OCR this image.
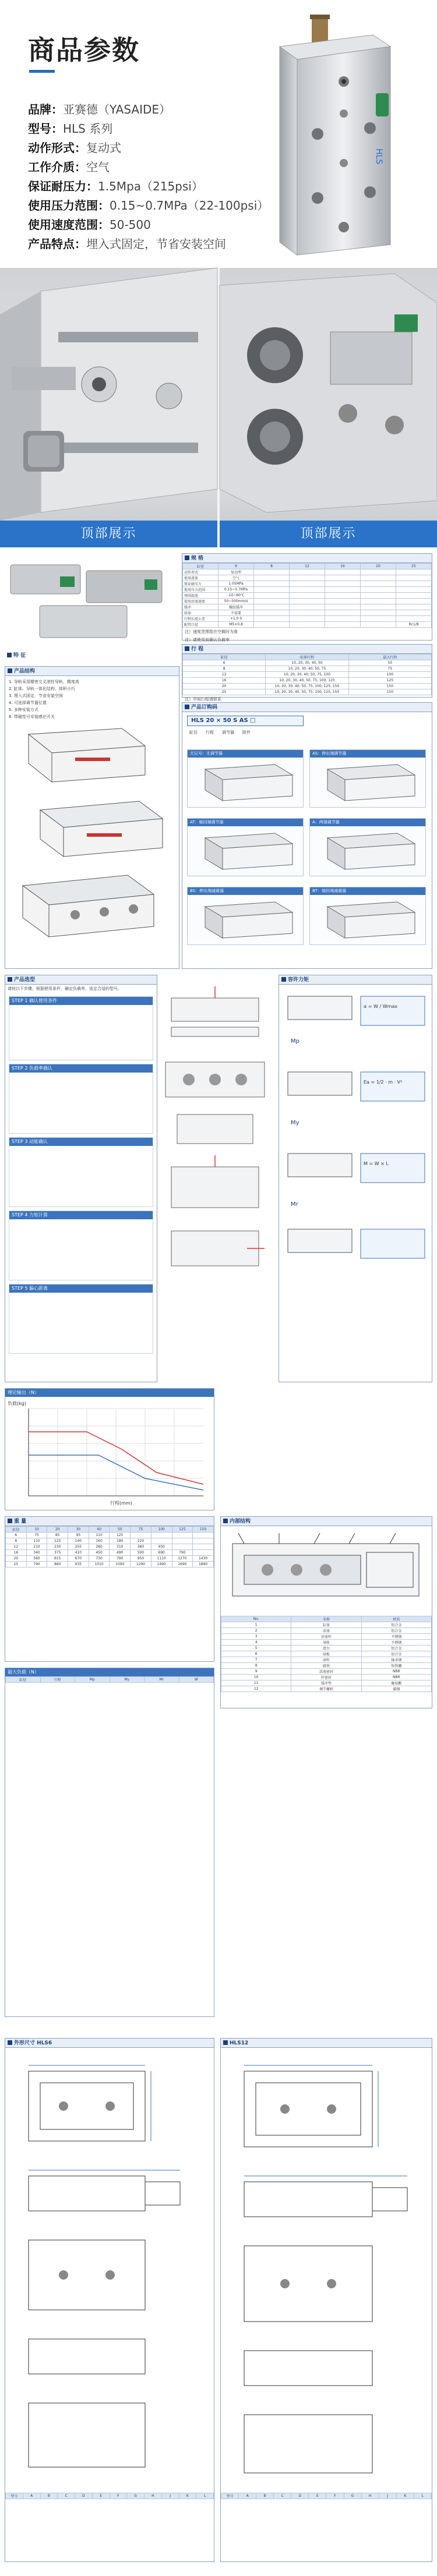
商品参数
品牌：亚赛德（YASAIDE）
型号：HLS 系列
动作形式：复动式
工作介质：空气
保证耐压力：1.5Mpa（215psi）
使用压力范围：0.15~0.7MPa（22-100psi）
使用速度范围：50-500
产品特点：埋入式固定，节省安装空间
HLS
顶部展示	顶部展示
规 格
缸径	6	8	12	16	20	25
动作形式	复动型					
使用流体	空气					
保证耐压力	1.05MPa					
使用压力范围	0.15~0.7MPa					
周围温度	-10~60℃					
使用活塞速度	50~500mm/s					
缓冲	橡胶缓冲					
给油	不需要					
行程长度公差	+1.0 0					
配管口径	M5×0.8					Rc1/8
注）速度范围指在空载时为准
注）请使用前确认负载率
特 征
行 程
缸径	标准行程	最大行程
6	10, 20, 30, 40, 50	50
8	10, 20, 30, 40, 50, 75	75
12	10, 20, 30, 40, 50, 75, 100	100
16	10, 20, 30, 40, 50, 75, 100, 125	125
20	10, 20, 30, 40, 50, 75, 100, 125, 150	150
25	10, 20, 30, 40, 50, 75, 100, 125, 150	150
注）中间行程请联系
产品结构
1. 导轨采用精密交叉滚柱导轨，精度高
2. 缸体、导轨一体化结构，体积小巧
3. 埋入式固定，节省安装空间
4. 可选择调节器位置
5. 多种安装方式
6. 带磁性可安装感应开关
产品订购码
HLS 20 × 50 S AS □
缸径 行程 调节器 附件
无记号：无调节器	AS：伸出端调节器
AT：缩回端调节器	A：两端调节器
BS：伸出端减震器	BT：缩回端减震器
产品选型
请按以下步骤，根据使用条件，确定负载率，选定合适的型号。
STEP 1 确认使用条件
STEP 2 负载率确认
STEP 3 动能确认
STEP 4 力矩计算
STEP 5 偏心距离
容许力矩
Mp
My
Mr
α = W / Wmax
Ea = 1/2 · m · V²
M = W × L
理论输出（N）
行程(mm)
负载(kg)
重 量
缸径	10	20	30	40	50	75	100	125	150
6	75	85	95	110	125				
8	110	125	140	160	180	220			
12	210	230	255	280	310	380	450		
16	340	375	410	450	490	590	690	790	
20	560	615	670	730	790	950	1110	1270	1430
25	790	860	935	1010	1090	1290	1490	1690	1890
内部结构
No.	名称	材质
1	缸体	铝合金
2	活塞	铝合金
3	活塞杆	不锈钢
4	导轨	不锈钢
5	滑台	铝合金
6	端板	铝合金
7	滚柱	轴承钢
8	磁铁	钕铁硼
9	活塞密封	NBR
10	杆密封	NBR
11	缓冲垫	聚氨酯
12	调节螺栓	碳钢
最大负载（N）
缸径	行程	Mp	My	Mr	W
外形尺寸 HLS6
型号	A	B	C	D	E	F	G	H	J	K	L
HLS12
型号	A	B	C	D	E	F	G	H	J	K	L
